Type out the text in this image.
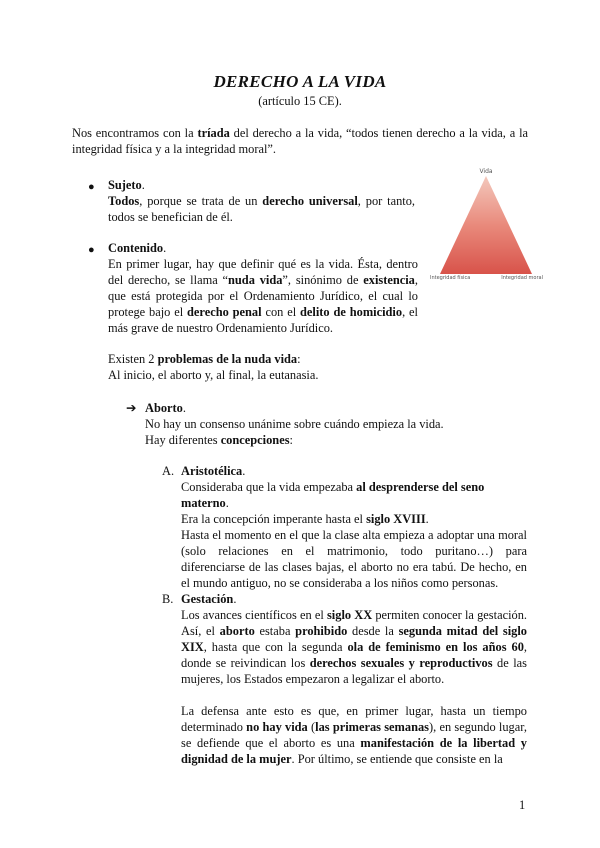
DERECHO A LA VIDA
(artículo 15 CE).

Nos encontramos con la tríada del derecho a la vida, “todos tienen derecho a la vida, a la integridad física y a la integridad moral”.

● Sujeto.

Todos, porque se trata de un derecho universal, por tanto, todos se benefician de él.

● Contenido.

En primer lugar, hay que definir qué es la vida. Ésta, dentro del derecho, se llama “nuda vida”, sinónimo de existencia, que está protegida por el Ordenamiento Jurídico, el cual lo protege bajo el derecho penal con el delito de homicidio, el más grave de nuestro Ordenamiento Jurídico.

Existen 2 problemas de la nuda vida:

Al inicio, el aborto y, al final, la eutanasia.

➔ Aborto.

No hay un consenso unánime sobre cuándo empieza la vida.

Hay diferentes concepciones:

A. Aristotélica.

Consideraba que la vida empezaba al desprenderse del seno materno.

Era la concepción imperante hasta el siglo XVIII.

Hasta el momento en el que la clase alta empieza a adoptar una moral (solo relaciones en el matrimonio, todo puritano…) para diferenciarse de las clases bajas, el aborto no era tabú. De hecho, en el mundo antiguo, no se consideraba a los niños como personas.

B. Gestación.

Los avances científicos en el siglo XX permiten conocer la gestación. Así, el aborto estaba prohibido desde la segunda mitad del siglo XIX, hasta que con la segunda ola de feminismo en los años 60, donde se reivindican los derechos sexuales y reproductivos de las mujeres, los Estados empezaron a legalizar el aborto.

La defensa ante esto es que, en primer lugar, hasta un tiempo determinado no hay vida (las primeras semanas), en segundo lugar, se defiende que el aborto es una manifestación de la libertad y dignidad de la mujer. Por último, se entiende que consiste en la

Vida
Integridad física	Integridad moral
1
